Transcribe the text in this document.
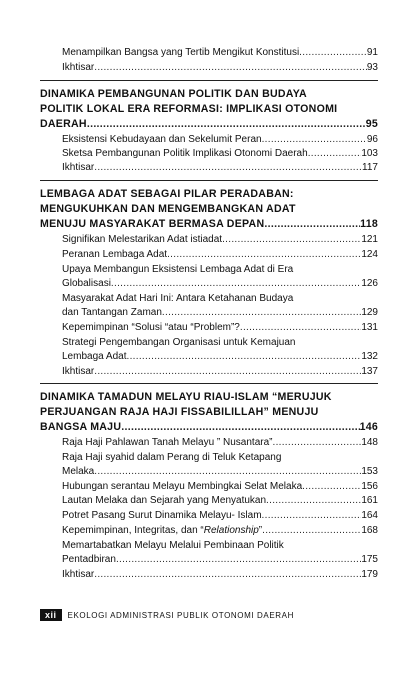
Menampilkan Bangsa yang Tertib Mengikut Konstitusi .....	91
Ikhtisar .....	93
DINAMIKA PEMBANGUNAN POLITIK DAN BUDAYA
POLITIK LOKAL ERA REFORMASI: IMPLIKASI OTONOMI
DAERAH .....	95
Eksistensi Kebudayaan dan Sekelumit Peran .....	96
Sketsa Pembangunan Politik Implikasi Otonomi Daerah .....	103
Ikhtisar .....	117
LEMBAGA ADAT SEBAGAI PILAR PERADABAN:
MENGUKUHKAN DAN MENGEMBANGKAN ADAT
MENUJU MASYARAKAT BERMASA DEPAN .....	118
Signifikan Melestarikan Adat istiadat .....	121
Peranan Lembaga Adat .....	124
Upaya Membangun Eksistensi Lembaga Adat di Era
Globalisasi .....	126
Masyarakat Adat Hari Ini: Antara Ketahanan Budaya
dan Tantangan Zaman .....	129
Kepemimpinan “Solusi “atau “Problem”? .....	131
Strategi Pengembangan Organisasi untuk Kemajuan
Lembaga Adat .....	132
Ikhtisar .....	137
DINAMIKA TAMADUN MELAYU RIAU-ISLAM “MERUJUK
PERJUANGAN RAJA HAJI FISSABILILLAH” MENUJU
BANGSA MAJU .....	146
Raja Haji Pahlawan Tanah Melayu ” Nusantara” .....	148
Raja Haji syahid dalam Perang di Teluk Ketapang
Melaka .....	153
Hubungan serantau Melayu Membingkai Selat Melaka .....	156
Lautan Melaka dan Sejarah yang Menyatukan .....	161
Potret Pasang Surut Dinamika Melayu- Islam .....	164
Kepemimpinan, Integritas, dan “Relationship” .....	168
Memartabatkan Melayu Melalui Pembinaan Politik
Pentadbiran .....	175
Ikhtisar .....	179
xii	EKOLOGI ADMINISTRASI PUBLIK OTONOMI DAERAH
